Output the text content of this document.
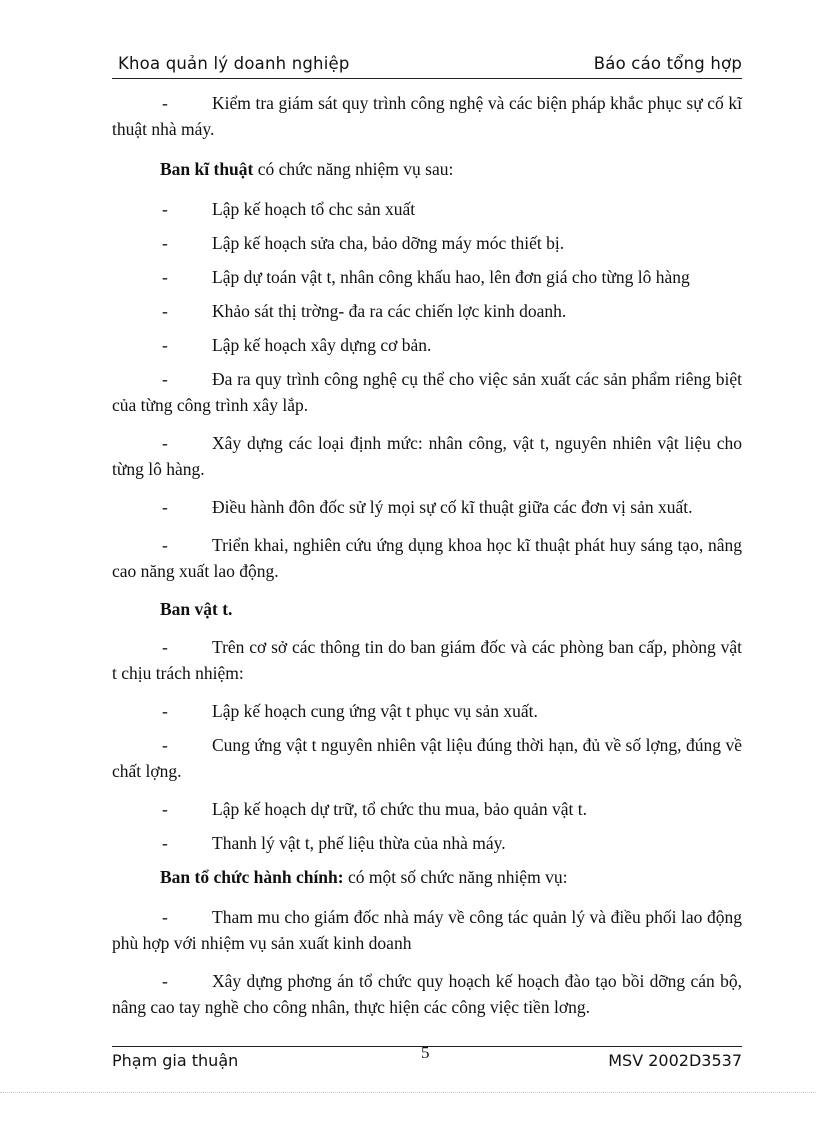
Khoa quản lý doanh nghiệp	Báo cáo tổng hợp

-	Kiểm tra giám sát quy trình công nghệ và các biện pháp khắc phục sự cố kĩ thuật nhà máy.

Ban kĩ thuật có chức năng nhiệm vụ sau:

-	Lập kế hoạch tổ chc sản xuất

-	Lập kế hoạch sửa cha, bảo dỡng máy móc thiết bị.

-	Lập dự toán vật t, nhân công khấu hao, lên đơn giá cho từng lô hàng

-	Khảo sát thị trờng- đa ra các chiến lợc kinh doanh.

-	Lập kế hoạch xây dựng cơ bản.

-	Đa ra quy trình công nghệ cụ thể cho việc sản xuất các sản phẩm riêng biệt của từng công trình xây lắp.

-	Xây dựng các loại định mức: nhân công, vật t, nguyên nhiên vật liệu cho từng lô hàng.

-	Điều hành đôn đốc sử lý mọi sự cố kĩ thuật giữa các đơn vị sản xuất.

-	Triển khai, nghiên cứu ứng dụng khoa học kĩ thuật phát huy sáng tạo, nâng cao năng xuất lao động.

Ban vật t.

-	Trên cơ sở các thông tin do ban giám đốc và các phòng ban cấp, phòng vật t chịu trách nhiệm:

-	Lập kế hoạch cung ứng vật t phục vụ sản xuất.

-	Cung ứng vật t nguyên nhiên vật liệu đúng thời hạn, đủ về số lợng, đúng về chất lợng.

-	Lập kế hoạch dự trữ, tổ chức thu mua, bảo quản vật t.

-	Thanh lý vật t, phế liệu thừa của nhà máy.

Ban tổ chức hành chính: có một số chức năng nhiệm vụ:

-	Tham mu cho giám đốc nhà máy về công tác quản lý và điều phối lao động phù hợp với nhiệm vụ sản xuất kinh doanh

-	Xây dựng phơng án tổ chức quy hoạch kế hoạch đào tạo bồi dỡng cán bộ, nâng cao tay nghề cho công nhân, thực hiện các công việc tiền lơng.

Phạm gia thuận	5	MSV 2002D3537
